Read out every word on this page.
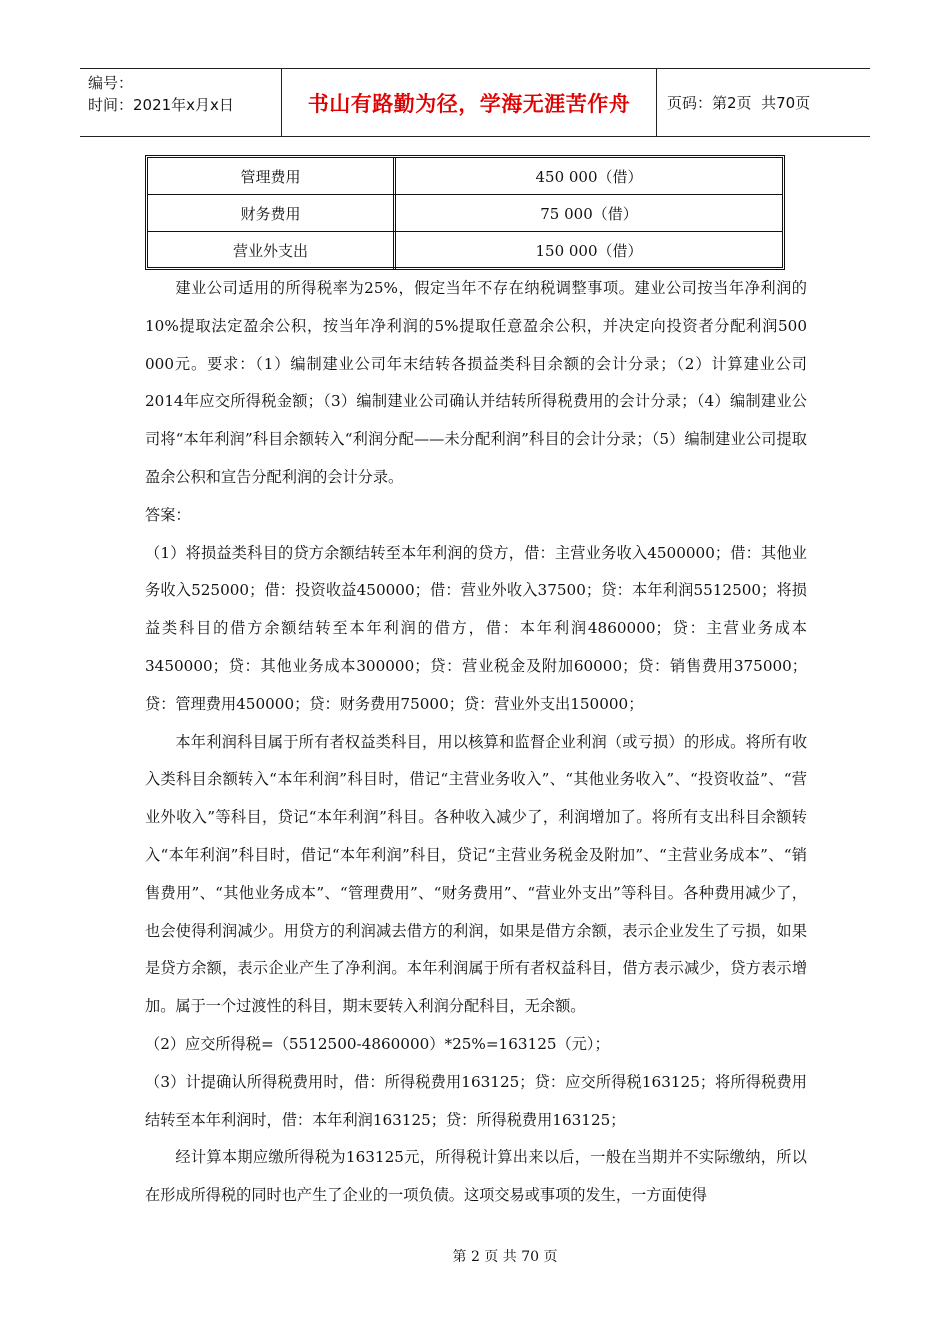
编号：
时间：2021年x月x日	书山有路勤为径，学海无涯苦作舟 页码：第2页  共70页
管理费用	450 000（借）
财务费用	75 000（借）
营业外支出	150 000（借）

建业公司适用的所得税率为25%，假定当年不存在纳税调整事项。建业公司按当年净利润的10%提取法定盈余公积，按当年净利润的5%提取任意盈余公积，并决定向投资者分配利润500 000元。要求：（1）编制建业公司年末结转各损益类科目余额的会计分录；（2）计算建业公司2014年应交所得税金额；（3）编制建业公司确认并结转所得税费用的会计分录；（4）编制建业公司将“本年利润”科目余额转入“利润分配——未分配利润”科目的会计分录；（5）编制建业公司提取盈余公积和宣告分配利润的会计分录。

答案：

（1）将损益类科目的贷方余额结转至本年利润的贷方，借：主营业务收入4500000；借：其他业务收入525000；借：投资收益450000；借：营业外收入37500；贷：本年利润5512500；将损益类科目的借方余额结转至本年利润的借方，借：本年利润4860000；贷：主营业务成本3450000；贷：其他业务成本300000；贷：营业税金及附加60000；贷：销售费用375000；贷：管理费用450000；贷：财务费用75000；贷：营业外支出150000；

本年利润科目属于所有者权益类科目，用以核算和监督企业利润（或亏损）的形成。将所有收入类科目余额转入“本年利润”科目时，借记“主营业务收入”、“其他业务收入”、“投资收益”、“营业外收入”等科目，贷记“本年利润”科目。各种收入减少了，利润增加了。将所有支出科目余额转入“本年利润”科目时，借记“本年利润”科目，贷记“主营业务税金及附加”、“主营业务成本”、“销售费用”、“其他业务成本”、“管理费用”、“财务费用”、“营业外支出”等科目。各种费用减少了，也会使得利润减少。用贷方的利润减去借方的利润，如果是借方余额，表示企业发生了亏损，如果是贷方余额，表示企业产生了净利润。本年利润属于所有者权益科目，借方表示减少，贷方表示增加。属于一个过渡性的科目，期末要转入利润分配科目，无余额。

（2）应交所得税=（5512500-4860000）*25%=163125（元）；

（3）计提确认所得税费用时，借：所得税费用163125；贷：应交所得税163125；将所得税费用结转至本年利润时，借：本年利润163125；贷：所得税费用163125；

经计算本期应缴所得税为163125元，所得税计算出来以后，一般在当期并不实际缴纳，所以在形成所得税的同时也产生了企业的一项负债。这项交易或事项的发生，一方面使得

第 2 页 共 70 页
